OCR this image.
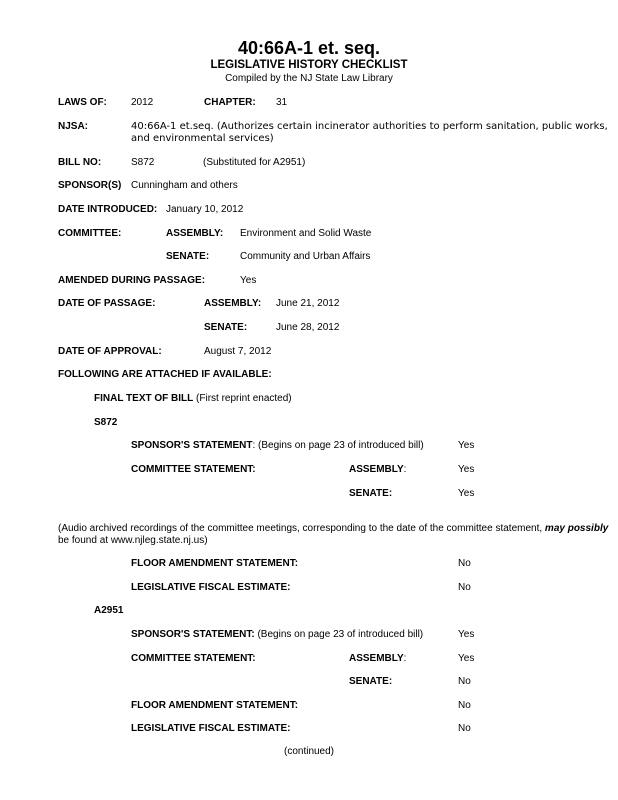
40:66A-1 et. seq.
LEGISLATIVE HISTORY CHECKLIST
Compiled by the NJ State Law Library
LAWS OF: 2012	CHAPTER: 31
NJSA:	40:66A-1 et.seq. (Authorizes certain incinerator authorities to perform sanitation, public works,
and environmental services)
BILL NO:	S872	(Substituted for A2951)
SPONSOR(S) Cunningham and others
DATE INTRODUCED: January 10, 2012
COMMITTEE:	ASSEMBLY: Environment and Solid Waste
SENATE:	Community and Urban Affairs
AMENDED DURING PASSAGE:	Yes
DATE OF PASSAGE:	ASSEMBLY: June 21, 2012
SENATE:	June 28, 2012
DATE OF APPROVAL:	August 7, 2012
FOLLOWING ARE ATTACHED IF AVAILABLE:
FINAL TEXT OF BILL (First reprint enacted)
S872
SPONSOR'S STATEMENT: (Begins on page 23 of introduced bill)	Yes
COMMITTEE STATEMENT:	ASSEMBLY:	Yes
SENATE:	Yes
(Audio archived recordings of the committee meetings, corresponding to the date of the committee statement, may possibly
be found at www.njleg.state.nj.us)
FLOOR AMENDMENT STATEMENT:	No
LEGISLATIVE FISCAL ESTIMATE:	No
A2951
SPONSOR'S STATEMENT: (Begins on page 23 of introduced bill)	Yes
COMMITTEE STATEMENT:	ASSEMBLY:	Yes
SENATE:	No
FLOOR AMENDMENT STATEMENT:	No
LEGISLATIVE FISCAL ESTIMATE:	No
(continued)
